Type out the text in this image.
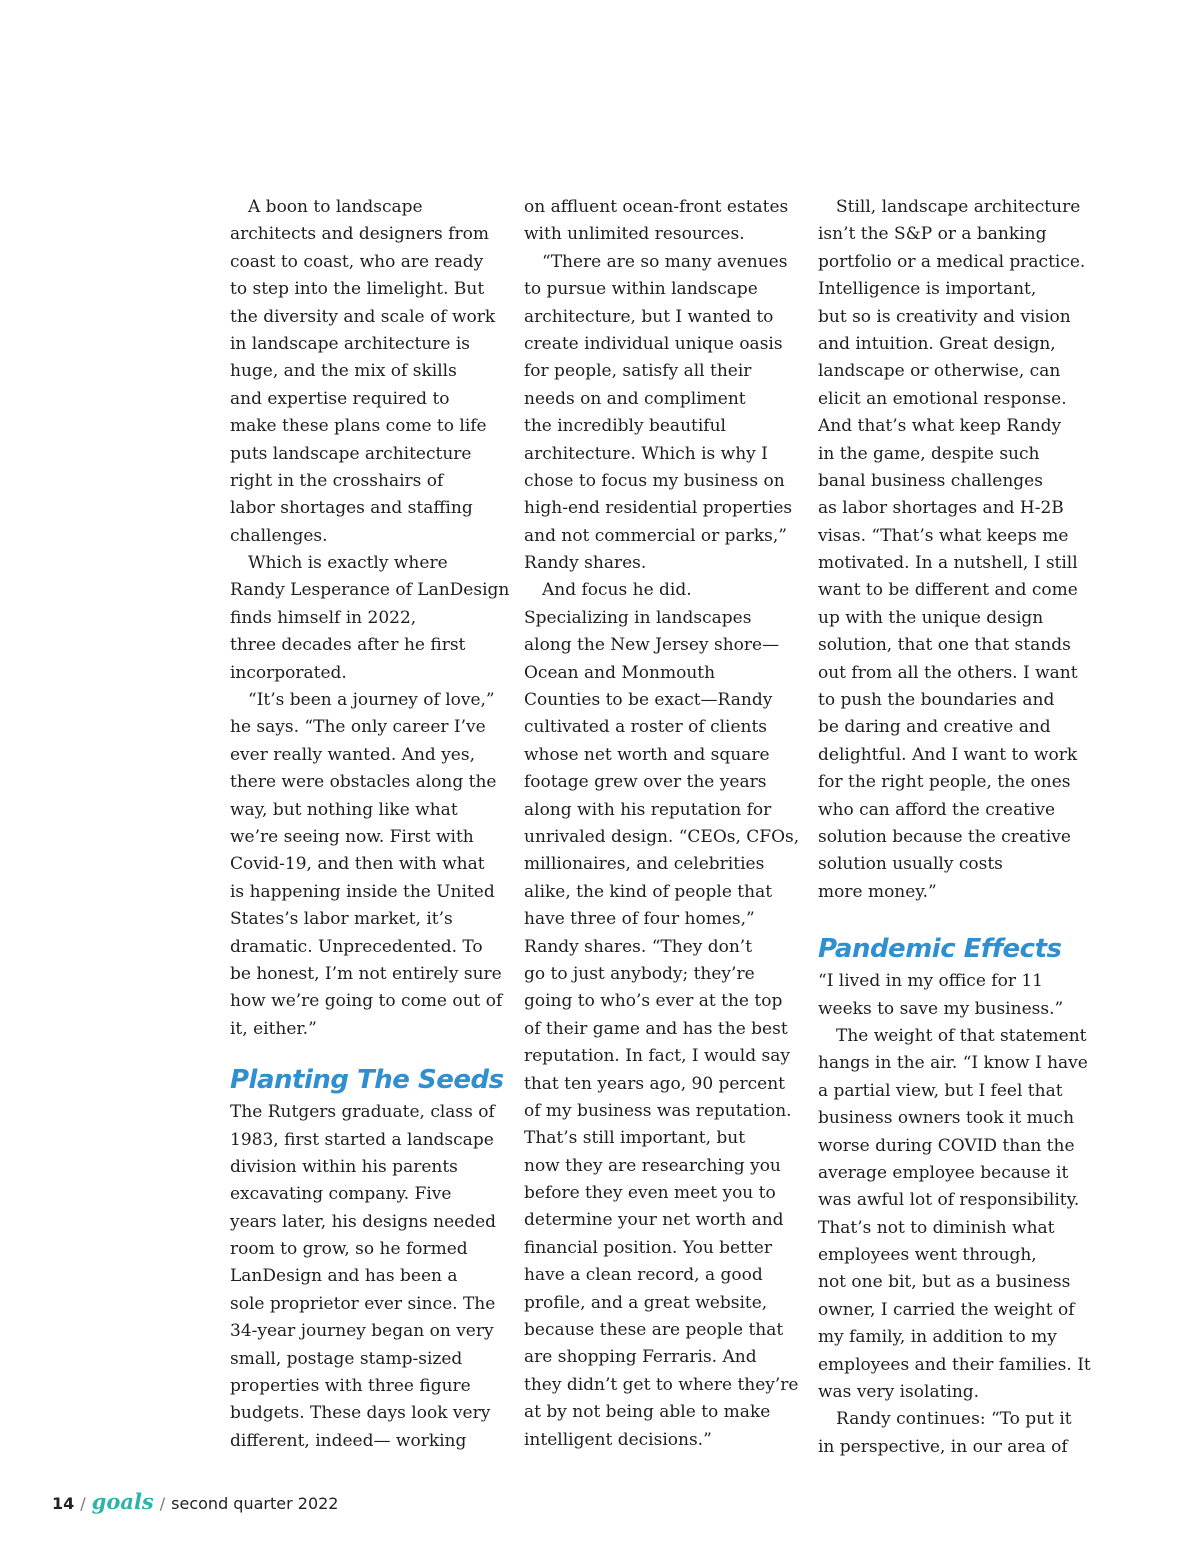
A boon to landscape
architects and designers from
coast to coast, who are ready
to step into the limelight. But
the diversity and scale of work
in landscape architecture is
huge, and the mix of skills
and expertise required to
make these plans come to life
puts landscape architecture
right in the crosshairs of
labor shortages and staffing
challenges.
Which is exactly where
Randy Lesperance of LanDesign
finds himself in 2022,
three decades after he first
incorporated.
“It’s been a journey of love,”
he says. “The only career I’ve
ever really wanted. And yes,
there were obstacles along the
way, but nothing like what
we’re seeing now. First with
Covid-19, and then with what
is happening inside the United
States’s labor market, it’s
dramatic. Unprecedented. To
be honest, I’m not entirely sure
how we’re going to come out of
it, either.”
Planting The Seeds
The Rutgers graduate, class of
1983, first started a landscape
division within his parents
excavating company. Five
years later, his designs needed
room to grow, so he formed
LanDesign and has been a
sole proprietor ever since. The
34-year journey began on very
small, postage stamp-sized
properties with three figure
budgets. These days look very
different, indeed— working
on affluent ocean-front estates
with unlimited resources.
“There are so many avenues
to pursue within landscape
architecture, but I wanted to
create individual unique oasis
for people, satisfy all their
needs on and compliment
the incredibly beautiful
architecture. Which is why I
chose to focus my business on
high-end residential properties
and not commercial or parks,”
Randy shares.
And focus he did.
Specializing in landscapes
along the New Jersey shore—
Ocean and Monmouth
Counties to be exact—Randy
cultivated a roster of clients
whose net worth and square
footage grew over the years
along with his reputation for
unrivaled design. “CEOs, CFOs,
millionaires, and celebrities
alike, the kind of people that
have three of four homes,”
Randy shares. “They don’t
go to just anybody; they’re
going to who’s ever at the top
of their game and has the best
reputation. In fact, I would say
that ten years ago, 90 percent
of my business was reputation.
That’s still important, but
now they are researching you
before they even meet you to
determine your net worth and
financial position. You better
have a clean record, a good
profile, and a great website,
because these are people that
are shopping Ferraris. And
they didn’t get to where they’re
at by not being able to make
intelligent decisions.”
Still, landscape architecture
isn’t the S&P or a banking
portfolio or a medical practice.
Intelligence is important,
but so is creativity and vision
and intuition. Great design,
landscape or otherwise, can
elicit an emotional response.
And that’s what keep Randy
in the game, despite such
banal business challenges
as labor shortages and H-2B
visas. “That’s what keeps me
motivated. In a nutshell, I still
want to be different and come
up with the unique design
solution, that one that stands
out from all the others. I want
to push the boundaries and
be daring and creative and
delightful. And I want to work
for the right people, the ones
who can afford the creative
solution because the creative
solution usually costs
more money.”
Pandemic Effects
“I lived in my office for 11
weeks to save my business.”
The weight of that statement
hangs in the air. “I know I have
a partial view, but I feel that
business owners took it much
worse during COVID than the
average employee because it
was awful lot of responsibility.
That’s not to diminish what
employees went through,
not one bit, but as a business
owner, I carried the weight of
my family, in addition to my
employees and their families. It
was very isolating.
Randy continues: “To put it
in perspective, in our area of
14 / goals / second quarter 2022
